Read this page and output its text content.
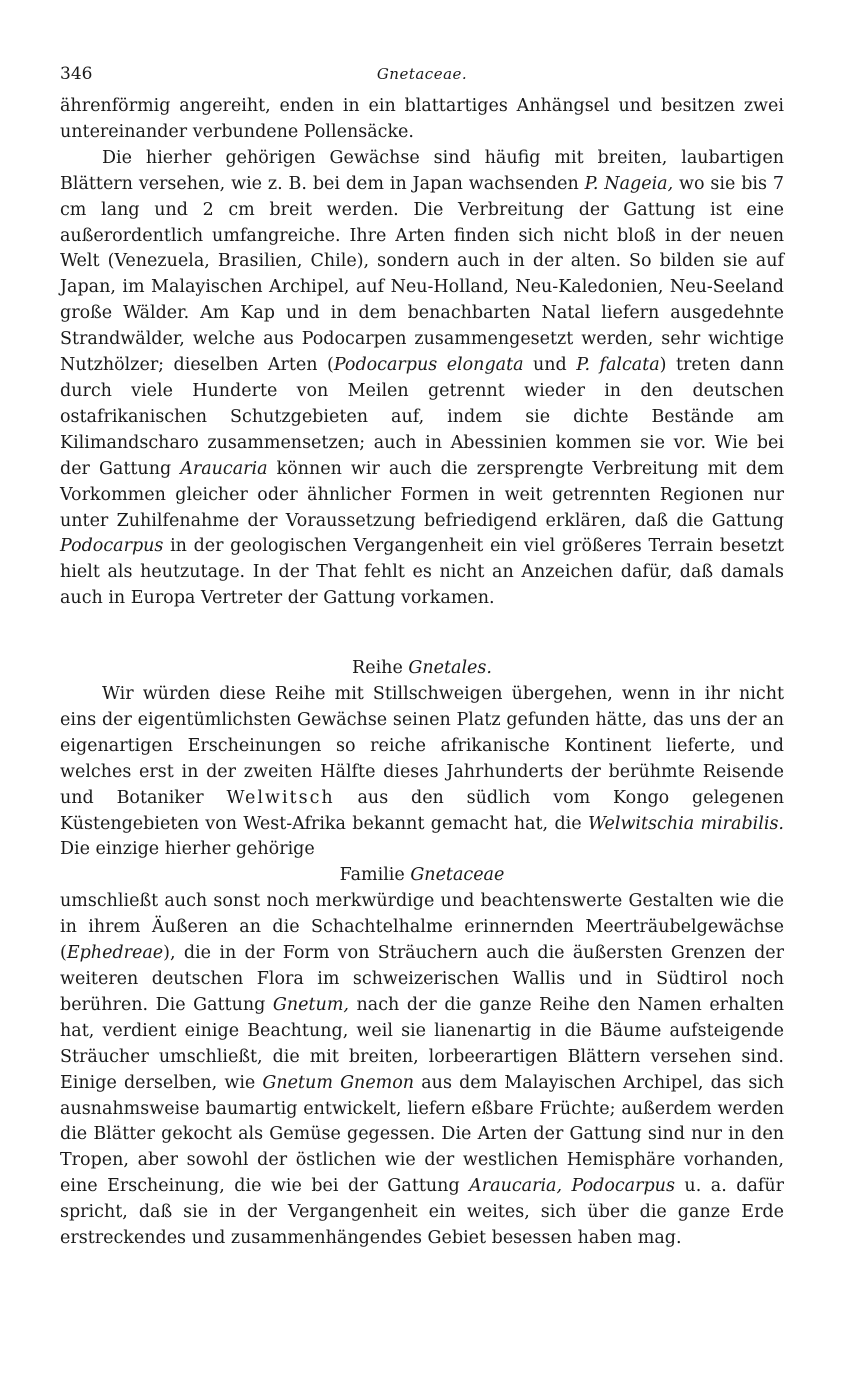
346	Gnetaceae.

ährenförmig angereiht, enden in ein blattartiges Anhängsel und besitzen zwei untereinander verbundene Pollensäcke.

Die hierher gehörigen Gewächse sind häufig mit breiten, laubartigen Blättern versehen, wie z. B. bei dem in Japan wachsenden P. Nageia, wo sie bis 7 cm lang und 2 cm breit werden. Die Verbreitung der Gattung ist eine außerordentlich umfangreiche. Ihre Arten finden sich nicht bloß in der neuen Welt (Venezuela, Brasilien, Chile), sondern auch in der alten. So bilden sie auf Japan, im Malayischen Archipel, auf Neu-Holland, Neu-Kaledonien, Neu-Seeland große Wälder. Am Kap und in dem benachbarten Natal liefern ausgedehnte Strandwälder, welche aus Podocarpen zusammengesetzt werden, sehr wichtige Nutzhölzer; dieselben Arten (Podocarpus elongata und P. falcata) treten dann durch viele Hunderte von Meilen getrennt wieder in den deutschen ostafrikanischen Schutzgebieten auf, indem sie dichte Bestände am Kilimandscharo zusammensetzen; auch in Abessinien kommen sie vor. Wie bei der Gattung Araucaria können wir auch die zersprengte Verbreitung mit dem Vorkommen gleicher oder ähnlicher Formen in weit getrennten Regionen nur unter Zuhilfenahme der Voraussetzung befriedigend erklären, daß die Gattung Podocarpus in der geologischen Vergangenheit ein viel größeres Terrain besetzt hielt als heutzutage. In der That fehlt es nicht an Anzeichen dafür, daß damals auch in Europa Vertreter der Gattung vorkamen.

Reihe Gnetales.

Wir würden diese Reihe mit Stillschweigen übergehen, wenn in ihr nicht eins der eigentümlichsten Gewächse seinen Platz gefunden hätte, das uns der an eigenartigen Erscheinungen so reiche afrikanische Kontinent lieferte, und welches erst in der zweiten Hälfte dieses Jahrhunderts der berühmte Reisende und Botaniker Welwitsch aus den südlich vom Kongo gelegenen Küstengebieten von West-Afrika bekannt gemacht hat, die Welwitschia mirabilis. Die einzige hierher gehörige

Familie Gnetaceae

umschließt auch sonst noch merkwürdige und beachtenswerte Gestalten wie die in ihrem Äußeren an die Schachtelhalme erinnernden Meerträubelgewächse (Ephedreae), die in der Form von Sträuchern auch die äußersten Grenzen der weiteren deutschen Flora im schweizerischen Wallis und in Südtirol noch berühren. Die Gattung Gnetum, nach der die ganze Reihe den Namen erhalten hat, verdient einige Beachtung, weil sie lianenartig in die Bäume aufsteigende Sträucher umschließt, die mit breiten, lorbeerartigen Blättern versehen sind. Einige derselben, wie Gnetum Gnemon aus dem Malayischen Archipel, das sich ausnahmsweise baumartig entwickelt, liefern eßbare Früchte; außerdem werden die Blätter gekocht als Gemüse gegessen. Die Arten der Gattung sind nur in den Tropen, aber sowohl der östlichen wie der westlichen Hemisphäre vorhanden, eine Erscheinung, die wie bei der Gattung Araucaria, Podocarpus u. a. dafür spricht, daß sie in der Vergangenheit ein weites, sich über die ganze Erde erstreckendes und zusammenhängendes Gebiet besessen haben mag.
